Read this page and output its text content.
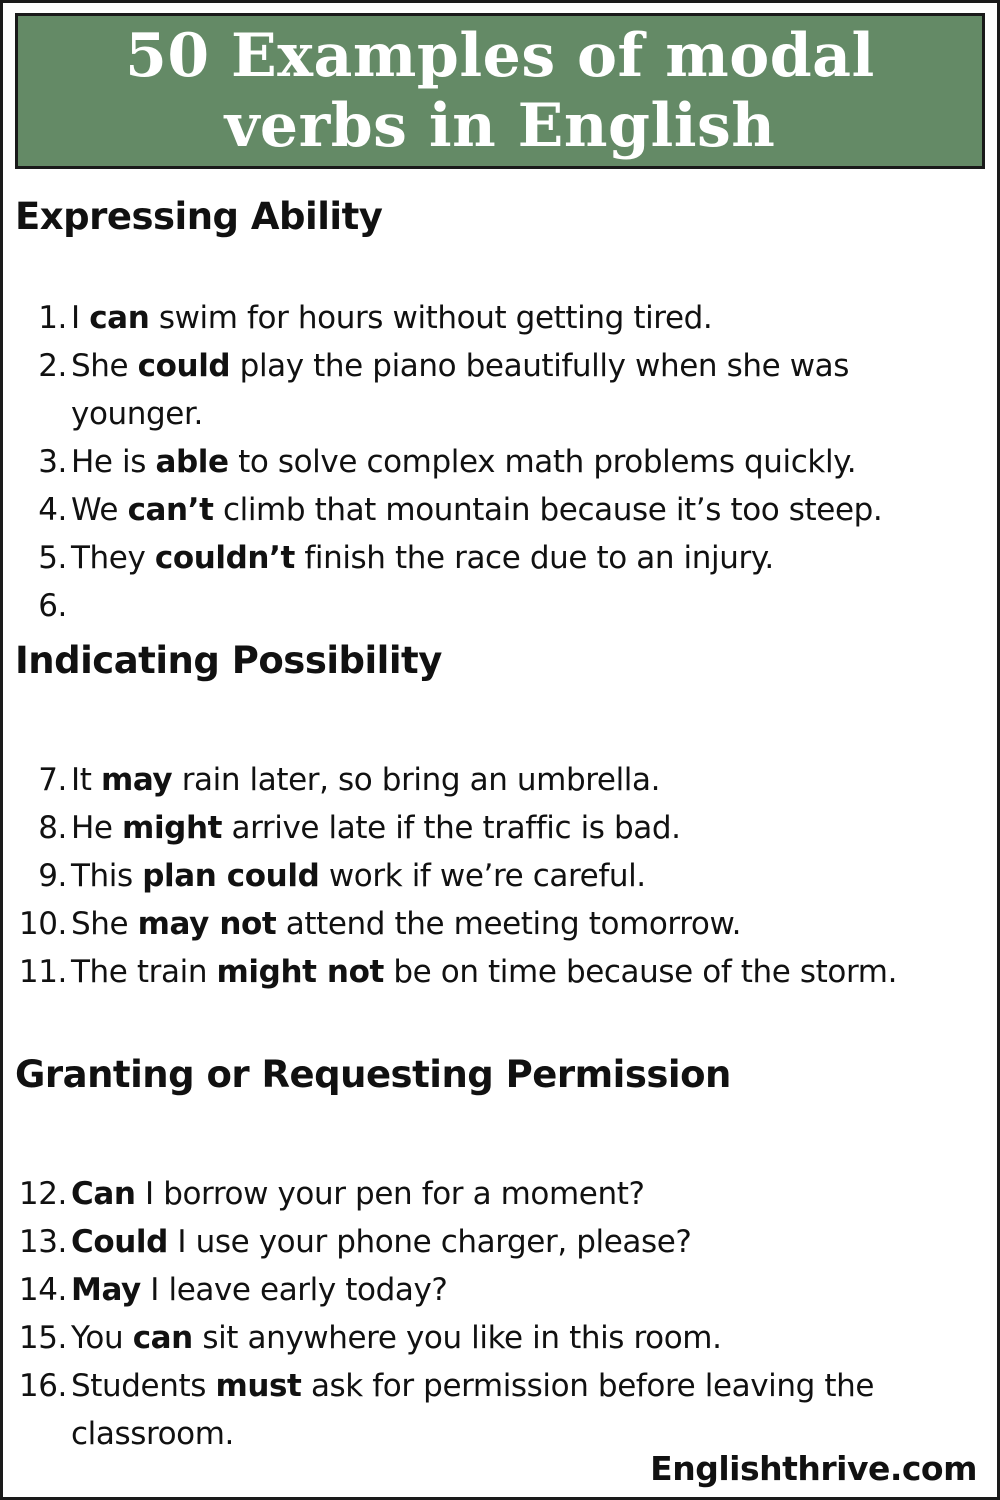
50 Examples of modal verbs in English
Expressing Ability
1. I can swim for hours without getting tired.
2. She could play the piano beautifully when she was younger.
3. He is able to solve complex math problems quickly.
4. We can’t climb that mountain because it’s too steep.
5. They couldn’t finish the race due to an injury.
6.
Indicating Possibility
7. It may rain later, so bring an umbrella.
8. He might arrive late if the traffic is bad.
9. This plan could work if we’re careful.
10. She may not attend the meeting tomorrow.
11. The train might not be on time because of the storm.
Granting or Requesting Permission
12. Can I borrow your pen for a moment?
13. Could I use your phone charger, please?
14. May I leave early today?
15. You can sit anywhere you like in this room.
16. Students must ask for permission before leaving the classroom.
Englishthrive.com
